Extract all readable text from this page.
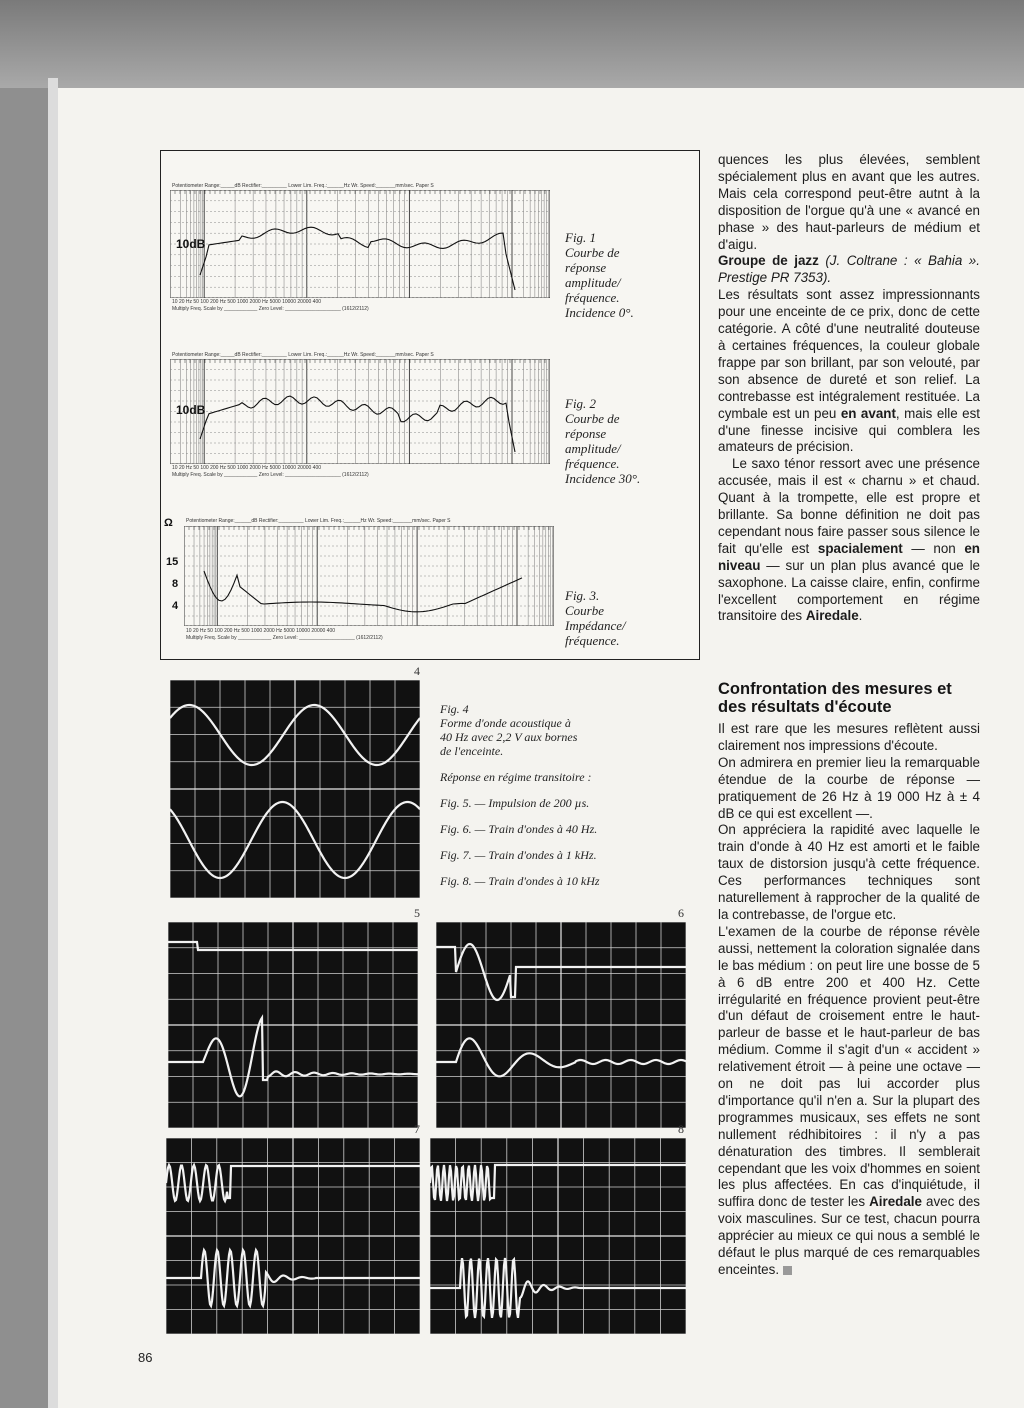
Potentiometer Range:_____dB Rectifier:_________ Lower Lim. Freq.:______Hz Wr. Speed:_______mm/sec. Paper S
10dB
10 20 Hz 50 100 200 Hz 500 1000 2000 Hz 5000 10000 20000 400
Multiply Freq. Scale by ____________ Zero Level: ____________________ (1612/2112)
Fig. 1
Courbe de
réponse
amplitude/
fréquence.
Incidence 0°.
Potentiometer Range:_____dB Rectifier:_________ Lower Lim. Freq.:______Hz Wr. Speed:_______mm/sec. Paper S
10dB
10 20 Hz 50 100 200 Hz 500 1000 2000 Hz 5000 10000 20000 400
Multiply Freq. Scale by ____________ Zero Level: ____________________ (1612/2112)
Fig. 2
Courbe de
réponse
amplitude/
fréquence.
Incidence 30°.
Ω	Potentiometer Range:______dB Rectifier:_________ Lower Lim. Freq.:______Hz Wr. Speed:_______mm/sec. Paper S
15
8
4
10 20 Hz 50 100 200 Hz 500 1000 2000 Hz 5000 10000 20000 400
Multiply Freq. Scale by ____________ Zero Level: ____________________ (1612/2112)
Fig. 3.
Courbe
Impédance/
fréquence.
4
Fig. 4
Forme d'onde acoustique à
40 Hz avec 2,2 V aux bornes

de l'enceinte.

Réponse en régime transitoire :

Fig. 5. — Impulsion de 200 µs.

Fig. 6. — Train d'ondes à 40 Hz.

Fig. 7. — Train d'ondes à 1 kHz.

Fig. 8. — Train d'ondes à 10 kHz

5	6
7	8

quences les plus élevées, semblent spécialement plus en avant que les autres. Mais cela correspond peut-être autnt à la disposition de l'orgue qu'à une « avancé en phase » des haut-parleurs de médium et d'aigu.

Groupe de jazz (J. Coltrane : « Bahia ». Prestige PR 7353).

Les résultats sont assez impressionnants pour une enceinte de ce prix, donc de cette catégorie. A côté d'une neutralité douteuse à certaines fréquences, la couleur globale frappe par son brillant, par son velouté, par son absence de dureté et son relief. La contrebasse est intégralement restituée. La cymbale est un peu en avant, mais elle est d'une finesse incisive qui comblera les amateurs de précision.

Le saxo ténor ressort avec une présence accusée, mais il est « charnu » et chaud. Quant à la trompette, elle est propre et brillante. Sa bonne définition ne doit pas cependant nous faire passer sous silence le fait qu'elle est spacialement — non en niveau — sur un plan plus avancé que le saxophone. La caisse claire, enfin, confirme l'excellent comportement en régime transitoire des Airedale.

Confrontation des mesures et des résultats d'écoute

Il est rare que les mesures reflètent aussi clairement nos impressions d'écoute.

On admirera en premier lieu la remarquable étendue de la courbe de réponse — pratiquement de 26 Hz à 19 000 Hz à ± 4 dB ce qui est excellent —.

On appréciera la rapidité avec laquelle le train d'onde à 40 Hz est amorti et le faible taux de distorsion jusqu'à cette fréquence. Ces performances techniques sont naturellement à rapprocher de la qualité de la contrebasse, de l'orgue etc.

L'examen de la courbe de réponse révèle aussi, nettement la coloration signalée dans le bas médium : on peut lire une bosse de 5 à 6 dB entre 200 et 400 Hz. Cette irrégularité en fréquence provient peut-être d'un défaut de croisement entre le haut-parleur de basse et le haut-parleur de bas médium. Comme il s'agit d'un « accident » relativement étroit — à peine une octave — on ne doit pas lui accorder plus d'importance qu'il n'en a. Sur la plupart des programmes musicaux, ses effets ne sont nullement rédhibitoires : il n'y a pas dénaturation des timbres. Il semblerait cependant que les voix d'hommes en soient les plus affectées. En cas d'inquiétude, il suffira donc de tester les Airedale avec des voix masculines. Sur ce test, chacun pourra apprécier au mieux ce qui nous a semblé le défaut le plus marqué de ces remarquables enceintes.

86
